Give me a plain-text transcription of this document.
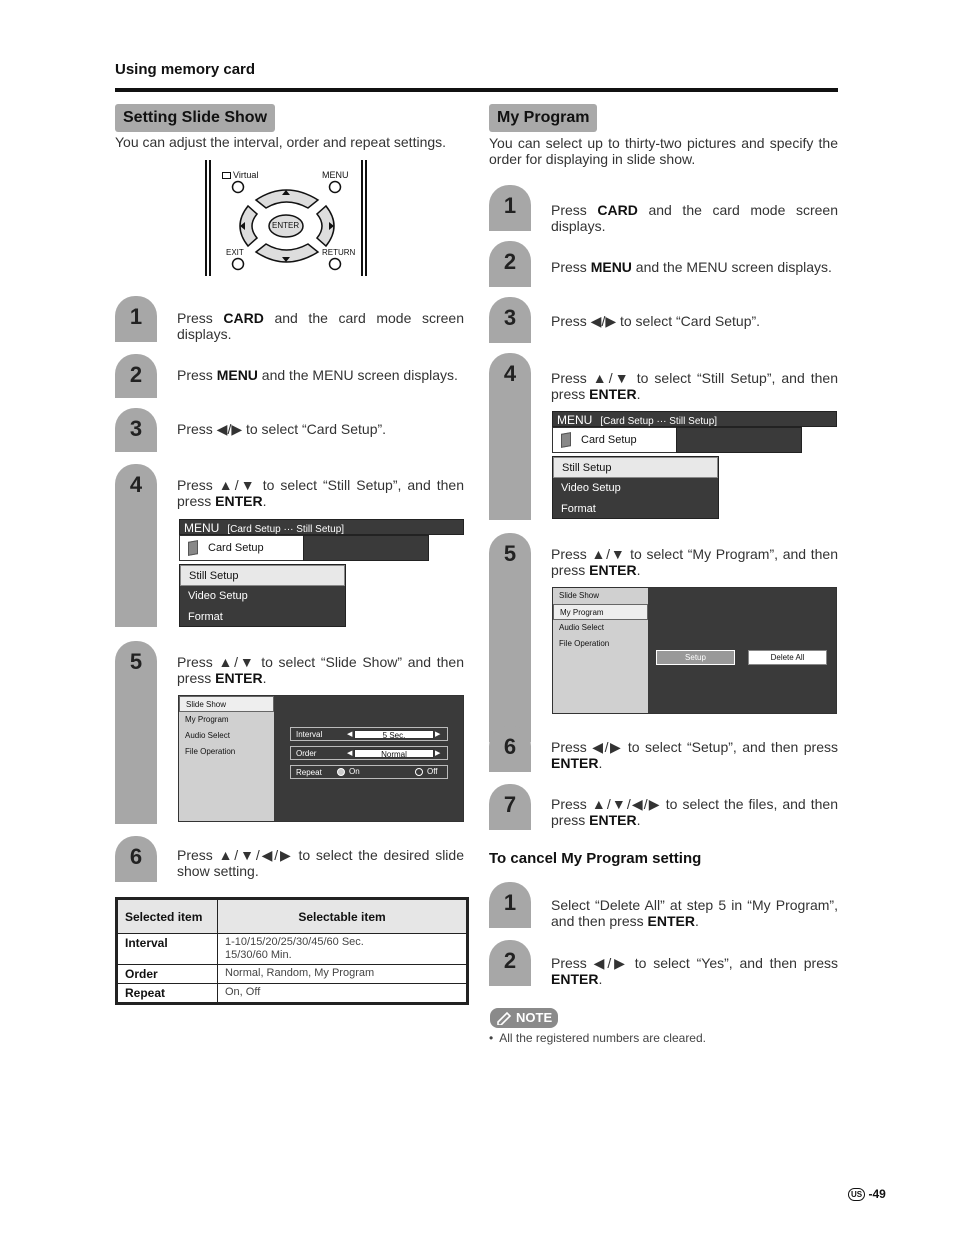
Using memory card
Setting Slide Show
You can adjust the interval, order and repeat settings.
Virtual	MENU
ENTER
EXIT	RETURN
1	Press CARD and the card mode screen displays.
2	Press MENU and the MENU screen displays.
3	Press ◀/▶ to select “Card Setup”.
4	Press ▲/▼ to select “Still Setup”, and then press ENTER.
MENU [Card Setup ··· Still Setup]
Card Setup
Still Setup
Video Setup
Format
5	Press ▲/▼ to select “Slide Show” and then press ENTER.
Slide Show
My Program
Audio Select
File Operation
Interval	◀	5 Sec.	▶
Order	◀	Normal	▶
Repeat	On	Off
6	Press ▲/▼/◀/▶ to select the desired slide show setting.
Selected item	Selectable item
Interval	1-10/15/20/25/30/45/60 Sec.
15/30/60 Min.
Order	Normal, Random, My Program
Repeat	On, Off
My Program
You can select up to thirty-two pictures and specify the order for displaying in slide show.
1	Press CARD and the card mode screen displays.
2	Press MENU and the MENU screen displays.
3	Press ◀/▶ to select “Card Setup”.
4	Press ▲/▼ to select “Still Setup”, and then press ENTER.
MENU [Card Setup ··· Still Setup]
Card Setup
Still Setup
Video Setup
Format
5	Press ▲/▼ to select “My Program”, and then press ENTER.
Slide Show
My Program
Audio Select
File Operation
Setup	Delete All
6	Press ◀/▶ to select “Setup”, and then press ENTER.
7	Press ▲/▼/◀/▶ to select the files, and then press ENTER.
To cancel My Program setting
1	Select “Delete All” at step 5 in “My Program”, and then press ENTER.
2	Press ◀/▶ to select “Yes”, and then press ENTER.
NOTE
• All the registered numbers are cleared.
US -49
